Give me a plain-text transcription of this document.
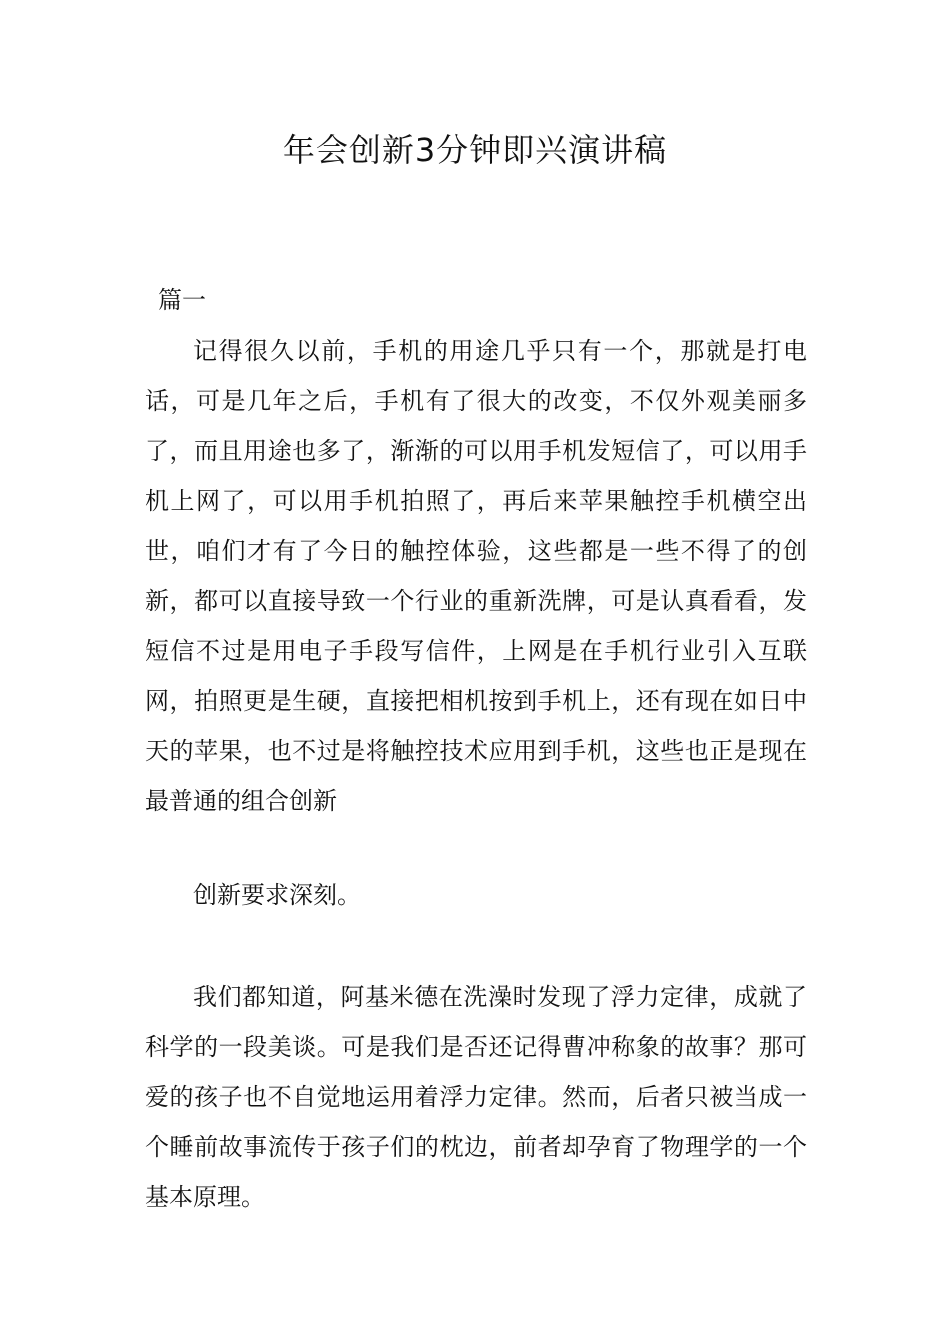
年会创新3分钟即兴演讲稿
篇一

记得很久以前，手机的用途几乎只有一个，那就是打电话，可是几年之后，手机有了很大的改变，不仅外观美丽多了，而且用途也多了，渐渐的可以用手机发短信了，可以用手机上网了，可以用手机拍照了，再后来苹果触控手机横空出世，咱们才有了今日的触控体验，这些都是一些不得了的创新，都可以直接导致一个行业的重新洗牌，可是认真看看，发短信不过是用电子手段写信件，上网是在手机行业引入互联网，拍照更是生硬，直接把相机按到手机上，还有现在如日中天的苹果，也不过是将触控技术应用到手机，这些也正是现在最普通的组合创新

创新要求深刻。

我们都知道，阿基米德在洗澡时发现了浮力定律，成就了科学的一段美谈。可是我们是否还记得曹冲称象的故事？那可爱的孩子也不自觉地运用着浮力定律。然而，后者只被当成一个睡前故事流传于孩子们的枕边，前者却孕育了物理学的一个基本原理。
